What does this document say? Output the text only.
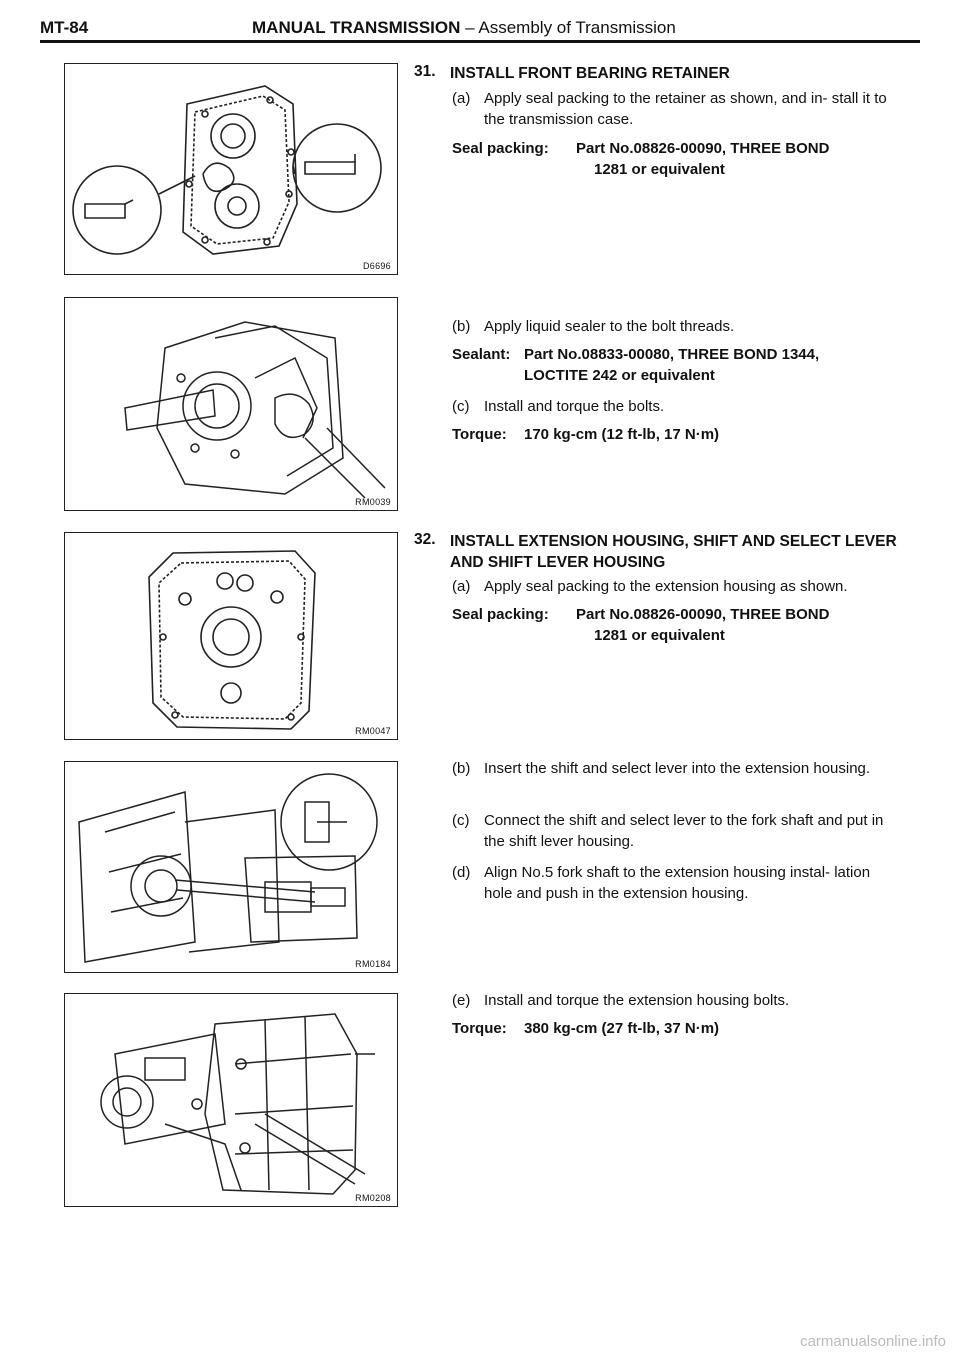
MT-84	MANUAL TRANSMISSION – Assembly of Transmission
D6696
RM0039
RM0047
RM0184
RM0208
31. INSTALL FRONT BEARING RETAINER
(a) Apply seal packing to the retainer as shown, and in- stall it to the transmission case.
Seal packing: Part No.08826-00090, THREE BOND
1281 or equivalent
(b) Apply liquid sealer to the bolt threads.
Sealant: Part No.08833-00080, THREE BOND 1344,
LOCTITE 242 or equivalent
(c) Install and torque the bolts.
Torque: 170 kg-cm (12 ft-lb, 17 N·m)
32. INSTALL EXTENSION HOUSING, SHIFT AND SELECT LEVER AND SHIFT LEVER HOUSING
(a) Apply seal packing to the extension housing as shown.
Seal packing: Part No.08826-00090, THREE BOND
1281 or equivalent
(b) Insert the shift and select lever into the extension housing.
(c) Connect the shift and select lever to the fork shaft and put in the shift lever housing.
(d) Align No.5 fork shaft to the extension housing instal- lation hole and push in the extension housing.
(e) Install and torque the extension housing bolts.
Torque: 380 kg-cm (27 ft-lb, 37 N·m)
carmanualsonline.info
